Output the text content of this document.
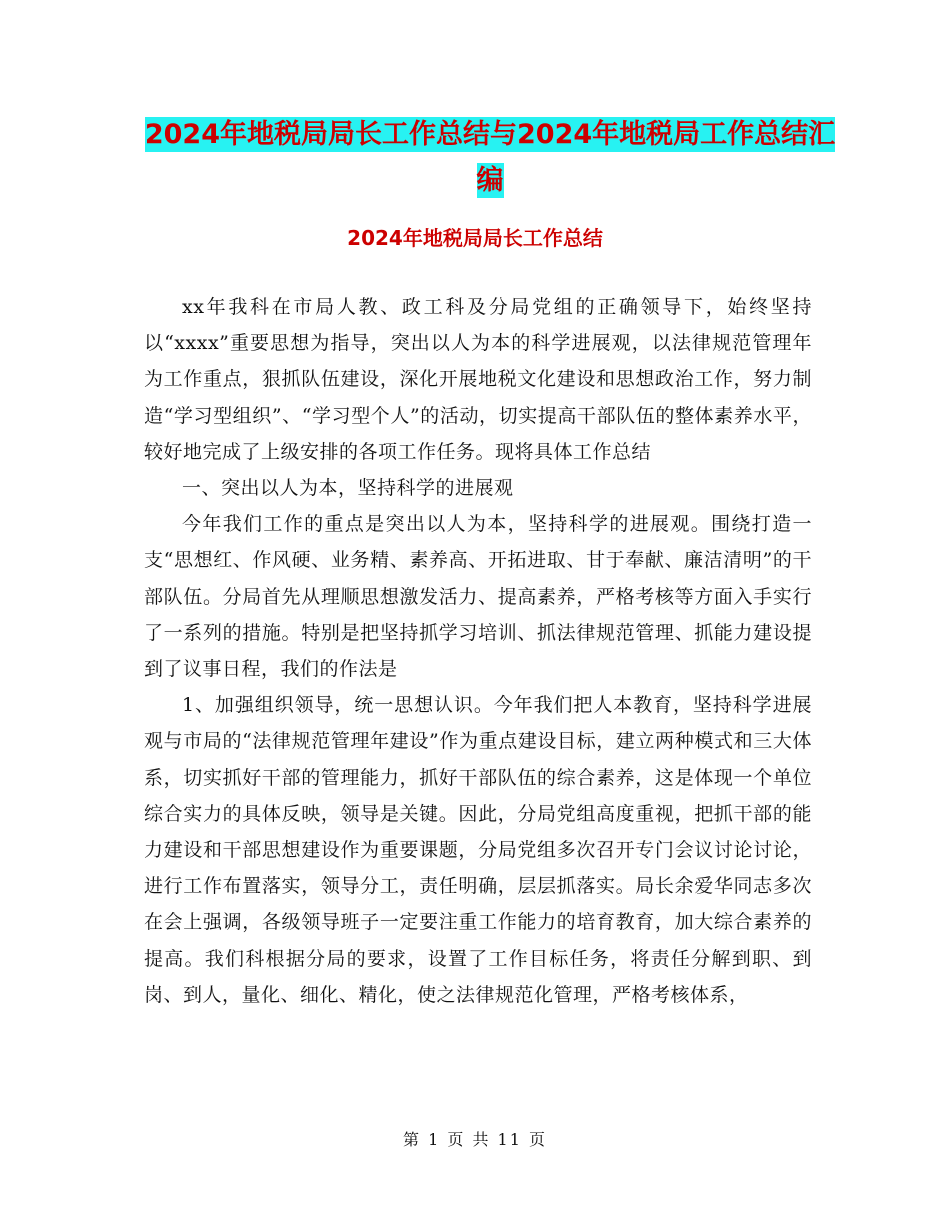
2024年地税局局长工作总结与2024年地税局工作总结汇编
2024年地税局局长工作总结

xx年我科在市局人教、政工科及分局党组的正确领导下，始终坚持以“xxxx”重要思想为指导，突出以人为本的科学进展观，以法律规范管理年为工作重点，狠抓队伍建设，深化开展地税文化建设和思想政治工作，努力制造“学习型组织”、“学习型个人”的活动，切实提高干部队伍的整体素养水平，较好地完成了上级安排的各项工作任务。现将具体工作总结

一、突出以人为本，坚持科学的进展观

今年我们工作的重点是突出以人为本，坚持科学的进展观。围绕打造一支“思想红、作风硬、业务精、素养高、开拓进取、甘于奉献、廉洁清明”的干部队伍。分局首先从理顺思想激发活力、提高素养，严格考核等方面入手实行了一系列的措施。特别是把坚持抓学习培训、抓法律规范管理、抓能力建设提到了议事日程，我们的作法是

1、加强组织领导，统一思想认识。今年我们把人本教育，坚持科学进展观与市局的“法律规范管理年建设”作为重点建设目标，建立两种模式和三大体系，切实抓好干部的管理能力，抓好干部队伍的综合素养，这是体现一个单位综合实力的具体反映，领导是关键。因此，分局党组高度重视，把抓干部的能力建设和干部思想建设作为重要课题，分局党组多次召开专门会议讨论讨论，进行工作布置落实，领导分工，责任明确，层层抓落实。局长余爱华同志多次在会上强调，各级领导班子一定要注重工作能力的培育教育，加大综合素养的提高。我们科根据分局的要求，设置了工作目标任务，将责任分解到职、到岗、到人，量化、细化、精化，使之法律规范化管理，严格考核体系，

第 1 页 共 11 页
